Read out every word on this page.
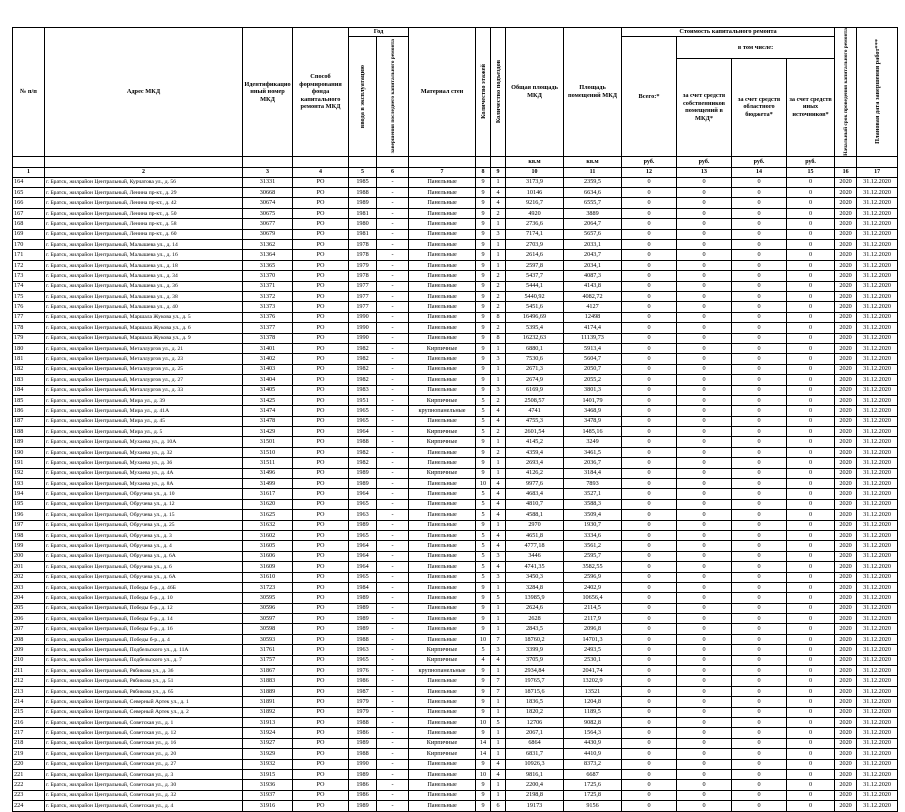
№ п/п	Адрес МКД	Идентификацио нный номер МКД	Способ формирования фонда капитального ремонта МКД	Год		Материал стен	Количество этажей	Количество подъездов	Общая площадь МКД	Площадь помещений МКД	Стоимость капитального ремонта				Начальный срок проведения капитального ремонта	Плановая дата завершения работ***

				ввода в эксплуатацию	завершения последнего капитального ремонта						Всего:*	в том числе:				
												за счет средств собственников помещений в МКД*	за счет средств областного бюджета*	за счет средств иных источников*		
									кв.м	кв.м	руб.	руб.	руб.	руб.		
1	2	3	4	5	6	7	8	9	10	11	12	13	14	15	16	17
164	г. Братск, жилрайон Центральный, Курчатова ул., д. 56	31331	РО	1985	-	Панельные	9	1	3173,9	2359,5	0	0	0	0	2020	31.12.2020
165	г. Братск, жилрайон Центральный, Ленина пр-кт., д. 29	30668	РО	1988	-	Панельные	9	4	10146	6634,6	0	0	0	0	2020	31.12.2020
166	г. Братск, жилрайон Центральный, Ленина пр-кт., д. 42	30674	РО	1989	-	Панельные	9	4	9216,7	6555,7	0	0	0	0	2020	31.12.2020
167	г. Братск, жилрайон Центральный, Ленина пр-кт., д. 50	30675	РО	1981	-	Панельные	9	2	4920	3889	0	0	0	0	2020	31.12.2020
168	г. Братск, жилрайон Центральный, Ленина пр-кт., д. 58	30677	РО	1980	-	Панельные	9	1	2736,6	2064,7	0	0	0	0	2020	31.12.2020
169	г. Братск, жилрайон Центральный, Ленина пр-кт., д. 60	30679	РО	1981	-	Панельные	9	3	7174,1	5657,6	0	0	0	0	2020	31.12.2020
170	г. Братск, жилрайон Центральный, Малышева ул., д. 14	31362	РО	1978	-	Панельные	9	1	2703,9	2033,1	0	0	0	0	2020	31.12.2020
171	г. Братск, жилрайон Центральный, Малышева ул., д. 16	31364	РО	1978	-	Панельные	9	1	2614,6	2043,7	0	0	0	0	2020	31.12.2020
172	г. Братск, жилрайон Центральный, Малышева ул., д. 18	31365	РО	1979	-	Панельные	9	1	2597,8	2034,1	0	0	0	0	2020	31.12.2020
173	г. Братск, жилрайон Центральный, Малышева ул., д. 34	31370	РО	1978	-	Панельные	9	2	5437,7	4087,3	0	0	0	0	2020	31.12.2020
174	г. Братск, жилрайон Центральный, Малышева ул., д. 36	31371	РО	1977	-	Панельные	9	2	5444,1	4143,8	0	0	0	0	2020	31.12.2020
175	г. Братск, жилрайон Центральный, Малышева ул., д. 38	31372	РО	1977	-	Панельные	9	2	5440,92	4082,72	0	0	0	0	2020	31.12.2020
176	г. Братск, жилрайон Центральный, Малышева ул., д. 40	31373	РО	1977	-	Панельные	9	2	5451,6	4127	0	0	0	0	2020	31.12.2020
177	г. Братск, жилрайон Центральный, Маршала Жукова ул., д. 5	31376	РО	1990	-	Панельные	9	8	16496,69	12498	0	0	0	0	2020	31.12.2020
178	г. Братск, жилрайон Центральный, Маршала Жукова ул., д. 6	31377	РО	1990	-	Панельные	9	2	5395,4	4174,4	0	0	0	0	2020	31.12.2020
179	г. Братск, жилрайон Центральный, Маршала Жукова ул., д. 9	31378	РО	1990	-	Панельные	9	8	16232,63	11139,73	0	0	0	0	2020	31.12.2020
180	г. Братск, жилрайон Центральный, Металлургов ул., д. 21	31401	РО	1982	-	Кирпичные	9	1	6880,1	5913,4	0	0	0	0	2020	31.12.2020
181	г. Братск, жилрайон Центральный, Металлургов ул., д. 23	31402	РО	1982	-	Панельные	9	3	7530,6	5604,7	0	0	0	0	2020	31.12.2020
182	г. Братск, жилрайон Центральный, Металлургов ул., д. 25	31403	РО	1982	-	Панельные	9	1	2671,3	2050,7	0	0	0	0	2020	31.12.2020
183	г. Братск, жилрайон Центральный, Металлургов ул., д. 27	31404	РО	1982	-	Панельные	9	1	2674,9	2055,2	0	0	0	0	2020	31.12.2020
184	г. Братск, жилрайон Центральный, Металлургов ул., д. 33	31405	РО	1983	-	Панельные	9	3	6169,9	3801,3	0	0	0	0	2020	31.12.2020
185	г. Братск, жилрайон Центральный, Мира ул., д. 39	31425	РО	1951	-	Кирпичные	5	2	2508,57	1401,79	0	0	0	0	2020	31.12.2020
186	г. Братск, жилрайон Центральный, Мира ул., д. 41А	31474	РО	1965	-	крупнопанельные	5	4	4741	3468,9	0	0	0	0	2020	31.12.2020
187	г. Братск, жилрайон Центральный, Мира ул., д. 45	31478	РО	1965	-	Панельные	5	4	4755,3	3478,9	0	0	0	0	2020	31.12.2020
188	г. Братск, жилрайон Центральный, Мира ул., д. 5	31429	РО	1964	-	Кирпичные	5	2	2601,54	1485,16	0	0	0	0	2020	31.12.2020
189	г. Братск, жилрайон Центральный, Мухаева ул., д. 10А	31501	РО	1988	-	Кирпичные	9	1	4145,2	3249	0	0	0	0	2020	31.12.2020
190	г. Братск, жилрайон Центральный, Мухаева ул., д. 32	31510	РО	1982	-	Панельные	9	2	4359,4	3461,5	0	0	0	0	2020	31.12.2020
191	г. Братск, жилрайон Центральный, Мухаева ул., д. 36	31511	РО	1982	-	Панельные	9	1	2693,4	2036,7	0	0	0	0	2020	31.12.2020
192	г. Братск, жилрайон Центральный, Мухаева ул., д. 4А	31496	РО	1989	-	Кирпичные	9	1	4126,2	3184,4	0	0	0	0	2020	31.12.2020
193	г. Братск, жилрайон Центральный, Мухаева ул., д. 8А	31499	РО	1989	-	Панельные	10	4	9977,6	7893	0	0	0	0	2020	31.12.2020
194	г. Братск, жилрайон Центральный, Обручева ул., д. 10	31617	РО	1964	-	Панельные	5	4	4683,4	3527,1	0	0	0	0	2020	31.12.2020
195	г. Братск, жилрайон Центральный, Обручева ул., д. 12	31620	РО	1965	-	Панельные	5	4	4810,7	3588,3	0	0	0	0	2020	31.12.2020
196	г. Братск, жилрайон Центральный, Обручева ул., д. 15	31625	РО	1963	-	Панельные	5	4	4588,1	3509,4	0	0	0	0	2020	31.12.2020
197	г. Братск, жилрайон Центральный, Обручева ул., д. 25	31632	РО	1989	-	Панельные	9	1	2970	1930,7	0	0	0	0	2020	31.12.2020
198	г. Братск, жилрайон Центральный, Обручева ул., д. 3	31602	РО	1965	-	Панельные	5	4	4651,8	3334,6	0	0	0	0	2020	31.12.2020
199	г. Братск, жилрайон Центральный, Обручева ул., д. 4	31605	РО	1964	-	Панельные	5	4	4777,18	3561,2	0	0	0	0	2020	31.12.2020
200	г. Братск, жилрайон Центральный, Обручева ул., д. 6А	31606	РО	1964	-	Панельные	5	3	3446	2595,7	0	0	0	0	2020	31.12.2020
201	г. Братск, жилрайон Центральный, Обручева ул., д. 6	31609	РО	1964	-	Панельные	5	4	4741,35	3582,55	0	0	0	0	2020	31.12.2020
202	г. Братск, жилрайон Центральный, Обручева ул., д. 6А	31610	РО	1965	-	Панельные	5	3	3450,3	2596,9	0	0	0	0	2020	31.12.2020
203	г. Братск, жилрайон Центральный, Победы б-р., д. 46Б	31723	РО	1984	-	Панельные	9	1	3284,8	2402,9	0	0	0	0	2020	31.12.2020
204	г. Братск, жилрайон Центральный, Победы б-р., д. 10	30595	РО	1989	-	Панельные	9	5	13985,9	10656,4	0	0	0	0	2020	31.12.2020
205	г. Братск, жилрайон Центральный, Победы б-р., д. 12	30596	РО	1989	-	Панельные	9	1	2624,6	2114,5	0	0	0	0	2020	31.12.2020
206	г. Братск, жилрайон Центральный, Победы б-р., д. 14	30597	РО	1989	-	Панельные	9	1	2628	2117,9	0	0	0	0	2020	31.12.2020
207	г. Братск, жилрайон Центральный, Победы б-р., д. 16	30598	РО	1989	-	Панельные	9	1	2843,5	2096,8	0	0	0	0	2020	31.12.2020
208	г. Братск, жилрайон Центральный, Победы б-р., д. 4	30593	РО	1988	-	Панельные	10	7	18760,2	14701,3	0	0	0	0	2020	31.12.2020
209	г. Братск, жилрайон Центральный, Подбельского ул., д. 11А	31761	РО	1963	-	Кирпичные	5	3	3399,9	2493,5	0	0	0	0	2020	31.12.2020
210	г. Братск, жилрайон Центральный, Подбельского ул., д. 7	31757	РО	1965	-	Кирпичные	4	4	3705,9	2530,1	0	0	0	0	2020	31.12.2020
211	г. Братск, жилрайон Центральный, Рябикова ул., д. 36	31867	РО	1976	-	крупнопанельные	9	1	2934,84	2041,74	0	0	0	0	2020	31.12.2020
212	г. Братск, жилрайон Центральный, Рябикова ул., д. 51	31883	РО	1986	-	Панельные	9	7	19765,7	13202,9	0	0	0	0	2020	31.12.2020
213	г. Братск, жилрайон Центральный, Рябикова ул., д. 65	31889	РО	1987	-	Панельные	9	7	18715,6	13521	0	0	0	0	2020	31.12.2020
214	г. Братск, жилрайон Центральный, Северный Артек ул., д. 1	31891	РО	1979	-	Панельные	9	1	1836,5	1204,8	0	0	0	0	2020	31.12.2020
215	г. Братск, жилрайон Центральный, Северный Артек ул., д. 2	31892	РО	1979	-	Панельные	9	1	1820,2	1189,5	0	0	0	0	2020	31.12.2020
216	г. Братск, жилрайон Центральный, Советская ул., д. 1	31913	РО	1988	-	Панельные	10	5	12706	9082,8	0	0	0	0	2020	31.12.2020
217	г. Братск, жилрайон Центральный, Советская ул., д. 12	31924	РО	1986	-	Панельные	9	1	2067,1	1564,3	0	0	0	0	2020	31.12.2020
218	г. Братск, жилрайон Центральный, Советская ул., д. 16	31927	РО	1989	-	Кирпичные	14	1	6864	4430,9	0	0	0	0	2020	31.12.2020
219	г. Братск, жилрайон Центральный, Советская ул., д. 20	31929	РО	1988	-	Кирпичные	14	1	6831,7	4410,9	0	0	0	0	2020	31.12.2020
220	г. Братск, жилрайон Центральный, Советская ул., д. 27	31932	РО	1990	-	Панельные	9	4	10926,3	8373,2	0	0	0	0	2020	31.12.2020
221	г. Братск, жилрайон Центральный, Советская ул., д. 3	31915	РО	1989	-	Панельные	10	4	9816,1	6687	0	0	0	0	2020	31.12.2020
222	г. Братск, жилрайон Центральный, Советская ул., д. 30	31936	РО	1986	-	Панельные	9	1	2200,4	1725,6	0	0	0	0	2020	31.12.2020
223	г. Братск, жилрайон Центральный, Советская ул., д. 32	31937	РО	1986	-	Панельные	9	1	2198,8	1725,8	0	0	0	0	2020	31.12.2020
224	г. Братск, жилрайон Центральный, Советская ул., д. 4	31916	РО	1989	-	Панельные	9	6	19173	9156	0	0	0	0	2020	31.12.2020
